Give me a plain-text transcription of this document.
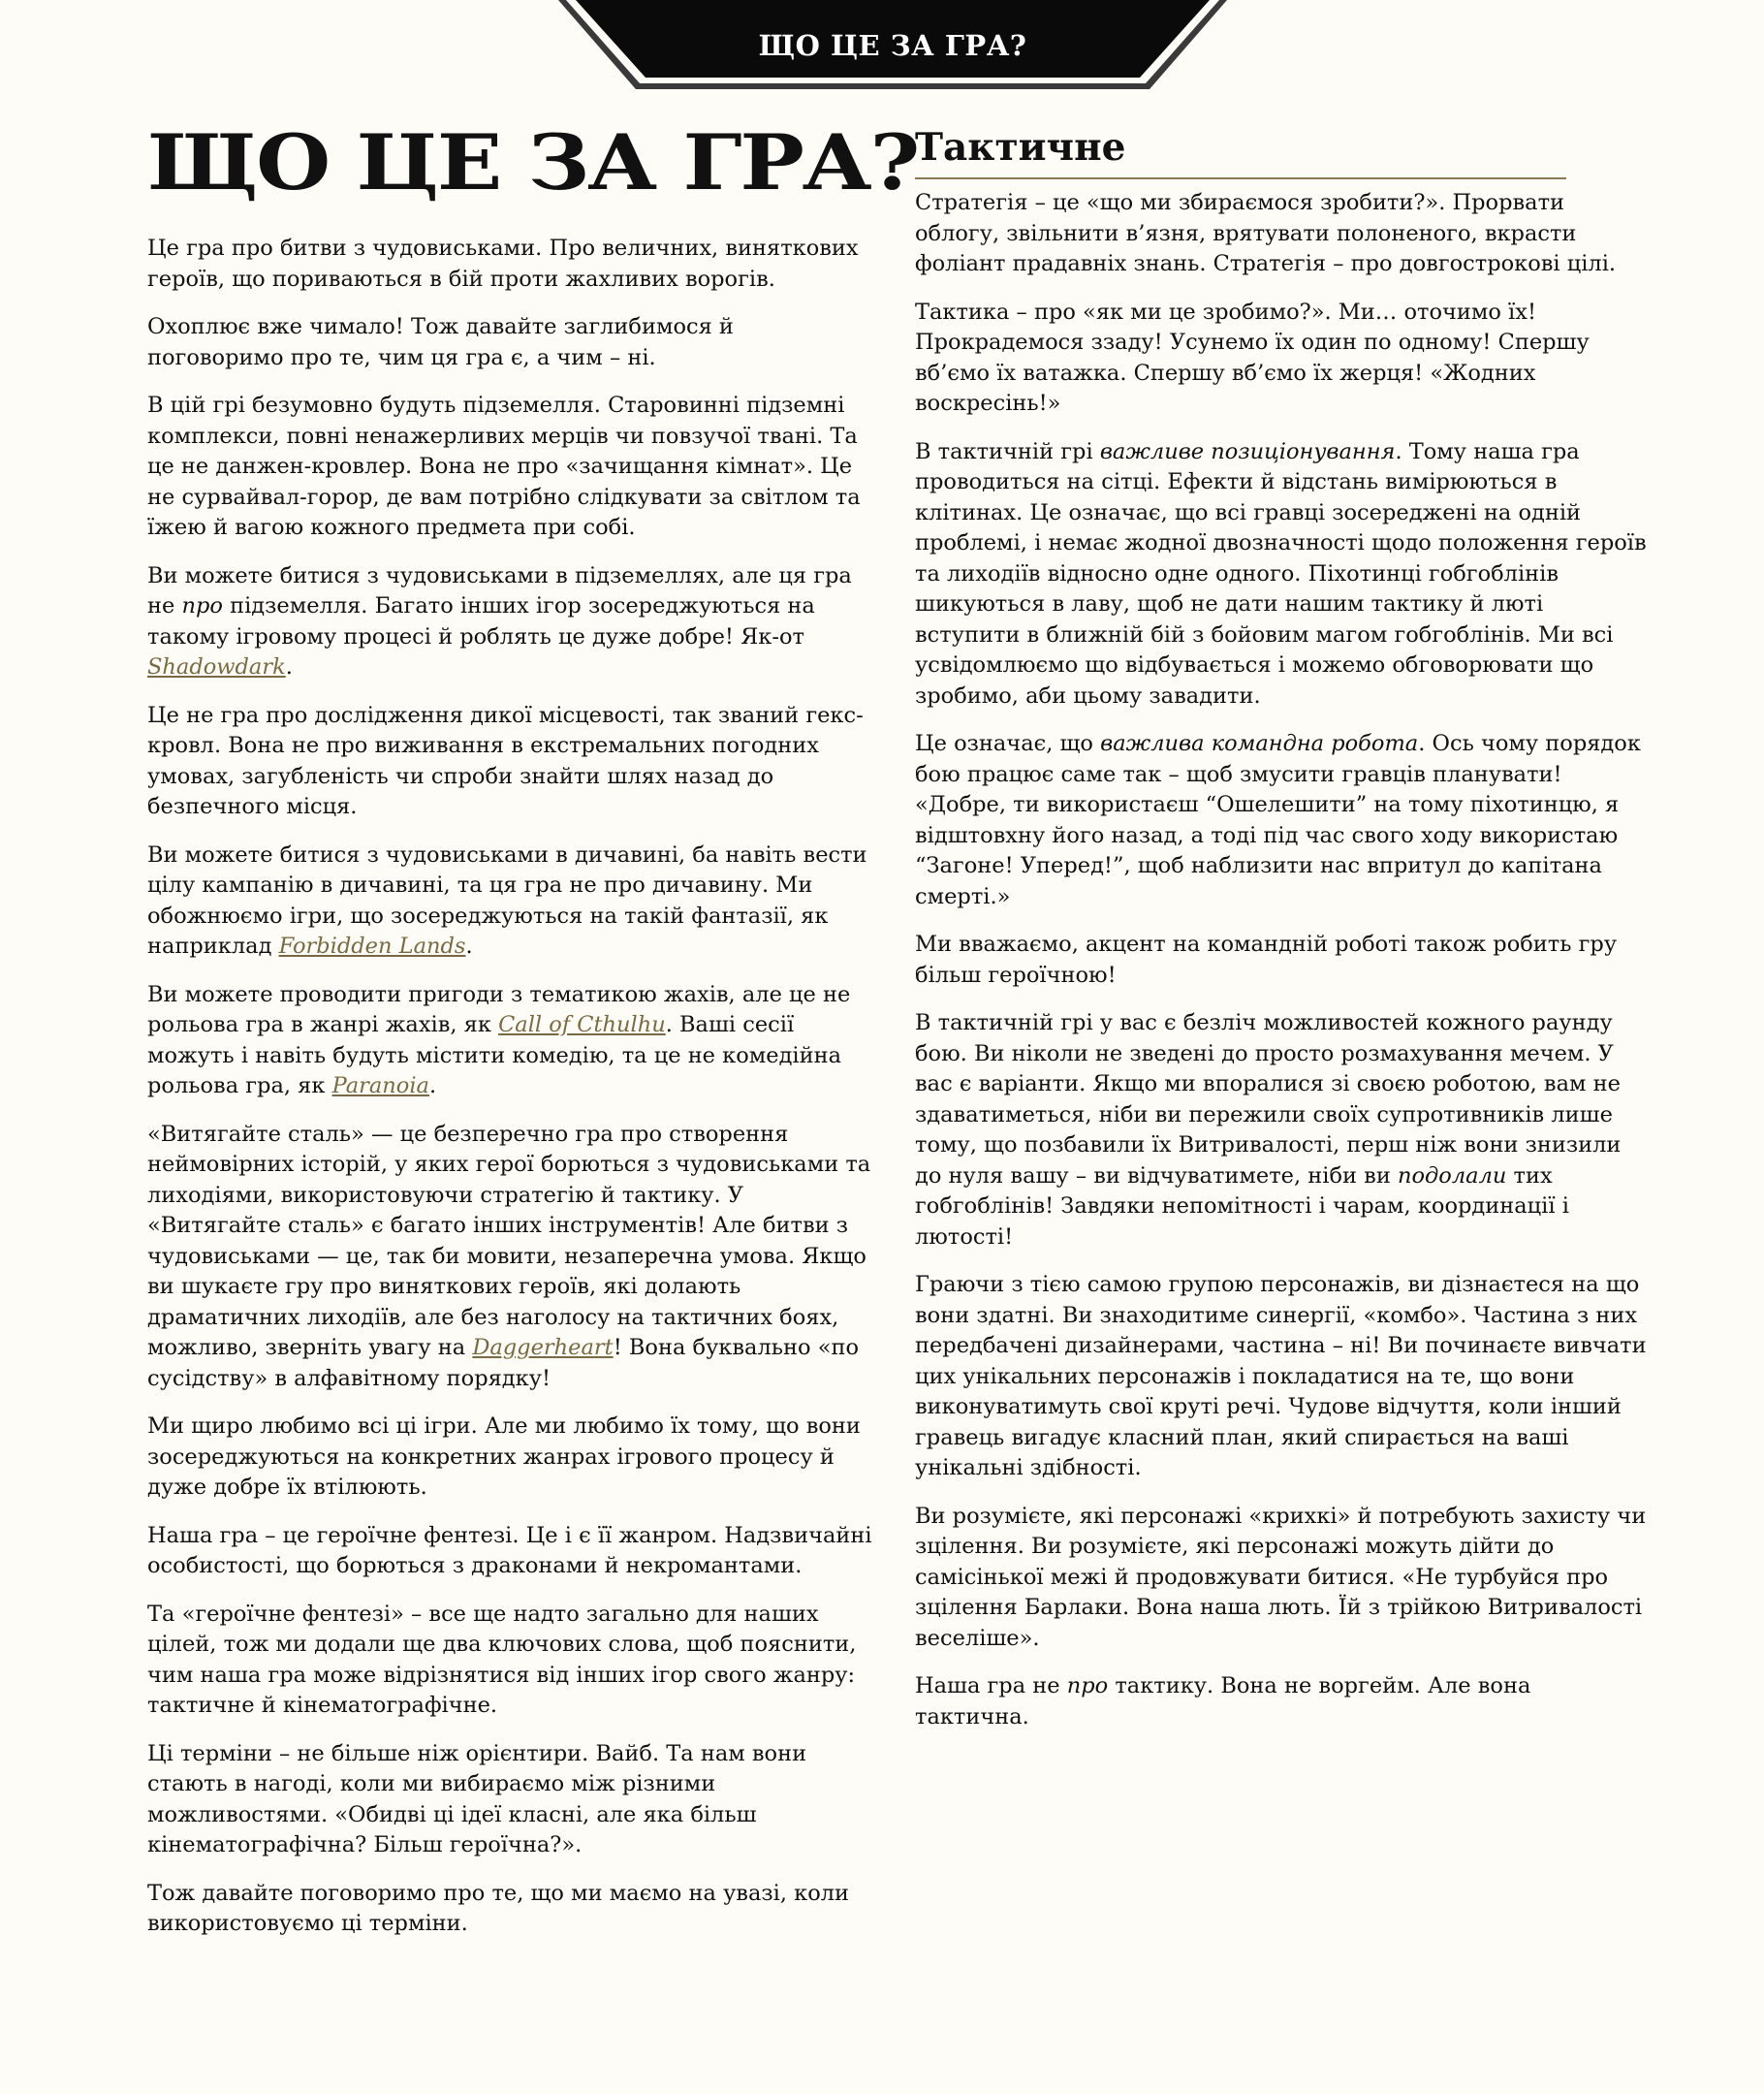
ЩО ЦЕ ЗА ГРА?
ЩО ЦЕ ЗА ГРА?

Це гра про битви з чудовиськами. Про величних, виняткових героїв, що пориваються в бій проти жахливих ворогів.

Охоплює вже чимало! Тож давайте заглибимося й поговоримо про те, чим ця гра є, а чим – ні.

В цій грі безумовно будуть підземелля. Старовинні підземні комплекси, повні ненажерливих мерців чи повзучої твані. Та це не данжен-кровлер. Вона не про «зачищання кімнат». Це не сурвайвал-горор, де вам потрібно слідкувати за світлом та їжею й вагою кожного предмета при собі.

Ви можете битися з чудовиськами в підземеллях, але ця гра не про підземелля. Багато інших ігор зосереджуються на такому ігровому процесі й роблять це дуже добре! Як-от Shadowdark.

Це не гра про дослідження дикої місцевості, так званий гекс-кровл. Вона не про виживання в екстремальних погодних умовах, загубленість чи спроби знайти шлях назад до безпечного місця.

Ви можете битися з чудовиськами в дичавині, ба навіть вести цілу кампанію в дичавині, та ця гра не про дичавину. Ми обожнюємо ігри, що зосереджуються на такій фантазії, як наприклад Forbidden Lands.

Ви можете проводити пригоди з тематикою жахів, але це не рольова гра в жанрі жахів, як Call of Cthulhu. Ваші сесії можуть і навіть будуть містити комедію, та це не комедійна рольова гра, як Paranoia.

«Витягайте сталь» — це безперечно гра про створення неймовірних історій, у яких герої борються з чудовиськами та лиходіями, використовуючи стратегію й тактику. У «Витягайте сталь» є багато інших інструментів! Але битви з чудовиськами — це, так би мовити, незаперечна умова. Якщо ви шукаєте гру про виняткових героїв, які долають драматичних лиходіїв, але без наголосу на тактичних боях, можливо, зверніть увагу на Daggerheart! Вона буквально «по сусідству» в алфавітному порядку!

Ми щиро любимо всі ці ігри. Але ми любимо їх тому, що вони зосереджуються на конкретних жанрах ігрового процесу й дуже добре їх втілюють.

Наша гра – це героїчне фентезі. Це і є її жанром. Надзвичайні особистості, що борються з драконами й некромантами.

Та «героїчне фентезі» – все ще надто загально для наших цілей, тож ми додали ще два ключових слова, щоб пояснити, чим наша гра може відрізнятися від інших ігор свого жанру: тактичне й кінематографічне.

Ці терміни – не більше ніж орієнтири. Вайб. Та нам вони стають в нагоді, коли ми вибираємо між різними можливостями. «Обидві ці ідеї класні, але яка більш кінематографічна? Більш героїчна?».

Тож давайте поговоримо про те, що ми маємо на увазі, коли використовуємо ці терміни.

Тактичне

Стратегія – це «що ми збираємося зробити?». Прорвати облогу, звільнити в’язня, врятувати полоненого, вкрасти фоліант прадавніх знань. Стратегія – про довгострокові цілі.

Тактика – про «як ми це зробимо?». Ми… оточимо їх! Прокрадемося ззаду! Усунемо їх один по одному! Спершу вб’ємо їх ватажка. Спершу вб’ємо їх жерця! «Жодних воскресінь!»

В тактичній грі важливе позиціонування. Тому наша гра проводиться на сітці. Ефекти й відстань вимірюються в клітинах. Це означає, що всі гравці зосереджені на одній проблемі, і немає жодної двозначності щодо положення героїв та лиходіїв відносно одне одного. Піхотинці гобгоблінів шикуються в лаву, щоб не дати нашим тактику й люті вступити в ближній бій з бойовим магом гобгоблінів. Ми всі усвідомлюємо що відбувається і можемо обговорювати що зробимо, аби цьому завадити.

Це означає, що важлива командна робота. Ось чому порядок бою працює саме так – щоб змусити гравців планувати! «Добре, ти використаєш “Ошелешити” на тому піхотинцю, я відштовхну його назад, а тоді під час свого ходу використаю “Загоне! Уперед!”, щоб наблизити нас впритул до капітана смерті.»

Ми вважаємо, акцент на командній роботі також робить гру більш героїчною!

В тактичній грі у вас є безліч можливостей кожного раунду бою. Ви ніколи не зведені до просто розмахування мечем. У вас є варіанти. Якщо ми впоралися зі своєю роботою, вам не здаватиметься, ніби ви пережили своїх супротивників лише тому, що позбавили їх Витривалості, перш ніж вони знизили до нуля вашу – ви відчуватимете, ніби ви подолали тих гобгоблінів! Завдяки непомітності і чарам, координації і лютості!

Граючи з тією самою групою персонажів, ви дізнаєтеся на що вони здатні. Ви знаходитиме синергії, «комбо». Частина з них передбачені дизайнерами, частина – ні! Ви починаєте вивчати цих унікальних персонажів і покладатися на те, що вони виконуватимуть свої круті речі. Чудове відчуття, коли інший гравець вигадує класний план, який спирається на ваші унікальні здібності.

Ви розумієте, які персонажі «крихкі» й потребують захисту чи зцілення. Ви розумієте, які персонажі можуть дійти до самісінької межі й продовжувати битися. «Не турбуйся про зцілення Барлаки. Вона наша лють. Їй з трійкою Витривалості веселіше».

Наша гра не про тактику. Вона не воргейм. Але вона тактична.
